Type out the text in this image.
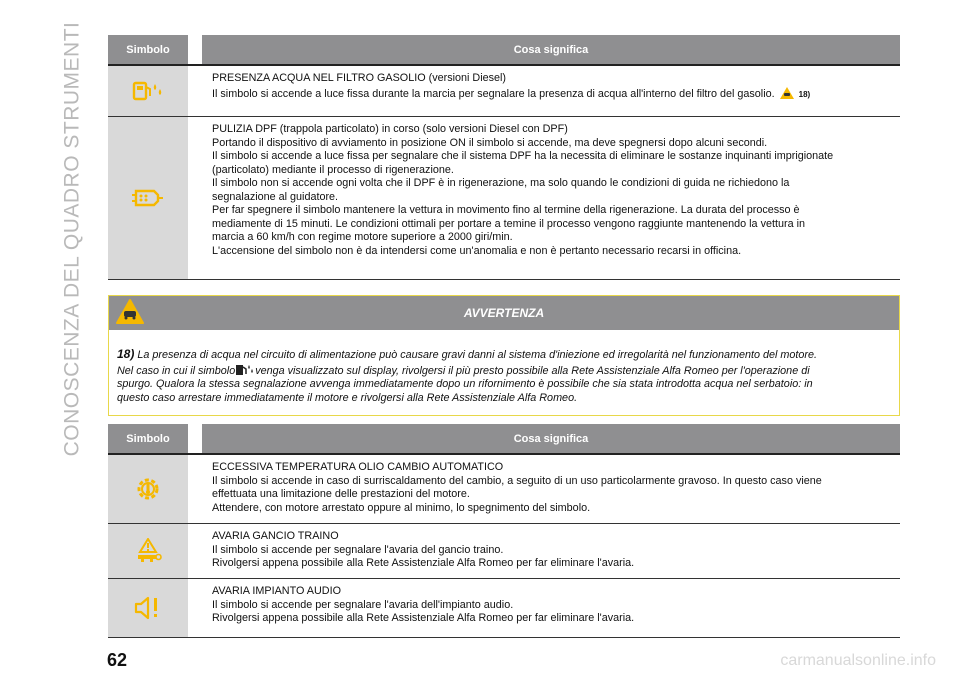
CONOSCENZA DEL QUADRO STRUMENTI	Simbolo	Cosa significa
PRESENZA ACQUA NEL FILTRO GASOLIO (versioni Diesel)
Il simbolo si accende a luce fissa durante la marcia per segnalare la presenza di acqua all'interno del filtro del gasolio.	18)
PULIZIA DPF (trappola particolato) in corso (solo versioni Diesel con DPF)
Portando il dispositivo di avviamento in posizione ON il simbolo si accende, ma deve spegnersi dopo alcuni secondi.
Il simbolo si accende a luce fissa per segnalare che il sistema DPF ha la necessita di eliminare le sostanze inquinanti imprigionate
(particolato) mediante il processo di rigenerazione.
Il simbolo non si accende ogni volta che il DPF è in rigenerazione, ma solo quando le condizioni di guida ne richiedono la
segnalazione al guidatore.
Per far spegnere il simbolo mantenere la vettura in movimento fino al termine della rigenerazione. La durata del processo è
mediamente di 15 minuti. Le condizioni ottimali per portare a temine il processo vengono raggiunte mantenendo la vettura in
marcia a 60 km/h con regime motore superiore a 2000 giri/min.
L'accensione del simbolo non è da intendersi come un'anomalia e non è pertanto necessario recarsi in officina.
AVVERTENZA
18) La presenza di acqua nel circuito di alimentazione può causare gravi danni al sistema d'iniezione ed irregolarità nel funzionamento del motore.
Nel caso in cui il simbolo venga visualizzato sul display, rivolgersi il più presto possibile alla Rete Assistenziale Alfa Romeo per l'operazione di
spurgo. Qualora la stessa segnalazione avvenga immediatamente dopo un rifornimento è possibile che sia stata introdotta acqua nel serbatoio: in
questo caso arrestare immediatamente il motore e rivolgersi alla Rete Assistenziale Alfa Romeo.
Simbolo	Cosa significa
ECCESSIVA TEMPERATURA OLIO CAMBIO AUTOMATICO
Il simbolo si accende in caso di surriscaldamento del cambio, a seguito di un uso particolarmente gravoso. In questo caso viene
effettuata una limitazione delle prestazioni del motore.
Attendere, con motore arrestato oppure al minimo, lo spegnimento del simbolo.
AVARIA GANCIO TRAINO
Il simbolo si accende per segnalare l'avaria del gancio traino.
Rivolgersi appena possibile alla Rete Assistenziale Alfa Romeo per far eliminare l'avaria.
AVARIA IMPIANTO AUDIO
Il simbolo si accende per segnalare l'avaria dell'impianto audio.
Rivolgersi appena possibile alla Rete Assistenziale Alfa Romeo per far eliminare l'avaria.
62	carmanualsonline.info
